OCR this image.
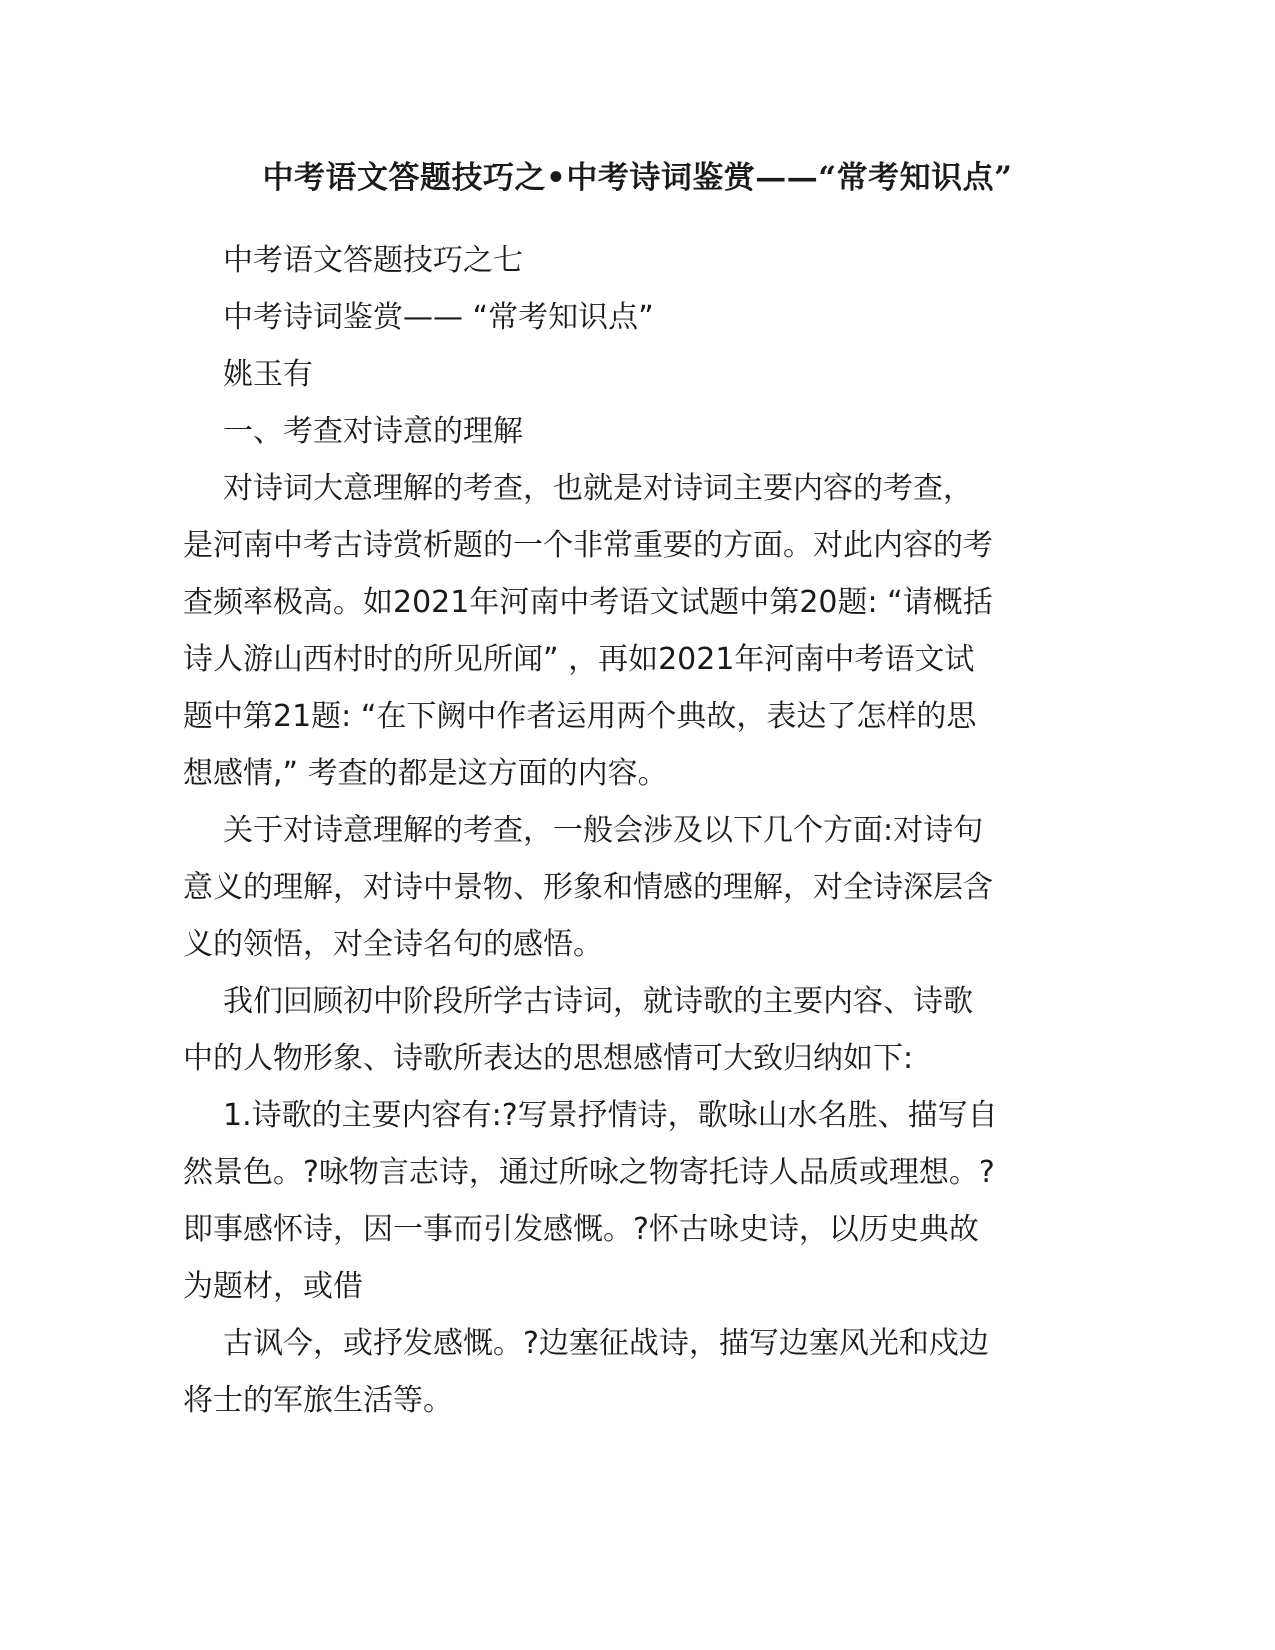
中考语文答题技巧之•中考诗词鉴赏——“常考知识点”

中考语文答题技巧之七

中考诗词鉴赏—— “常考知识点”

姚玉有

一、考查对诗意的理解

对诗词大意理解的考查，也就是对诗词主要内容的考查，

是河南中考古诗赏析题的一个非常重要的方面。对此内容的考

查频率极高。如2021年河南中考语文试题中第20题: “请概括

诗人游山西村时的所见所闻” ，再如2021年河南中考语文试

题中第21题: “在下阙中作者运用两个典故，表达了怎样的思

想感情,” 考查的都是这方面的内容。

关于对诗意理解的考查，一般会涉及以下几个方面:对诗句

意义的理解，对诗中景物、形象和情感的理解，对全诗深层含

义的领悟，对全诗名句的感悟。

我们回顾初中阶段所学古诗词，就诗歌的主要内容、诗歌

中的人物形象、诗歌所表达的思想感情可大致归纳如下:

1.诗歌的主要内容有:?写景抒情诗，歌咏山水名胜、描写自

然景色。?咏物言志诗，通过所咏之物寄托诗人品质或理想。?

即事感怀诗，因一事而引发感慨。?怀古咏史诗，以历史典故

为题材，或借

古讽今，或抒发感慨。?边塞征战诗，描写边塞风光和戍边

将士的军旅生活等。
